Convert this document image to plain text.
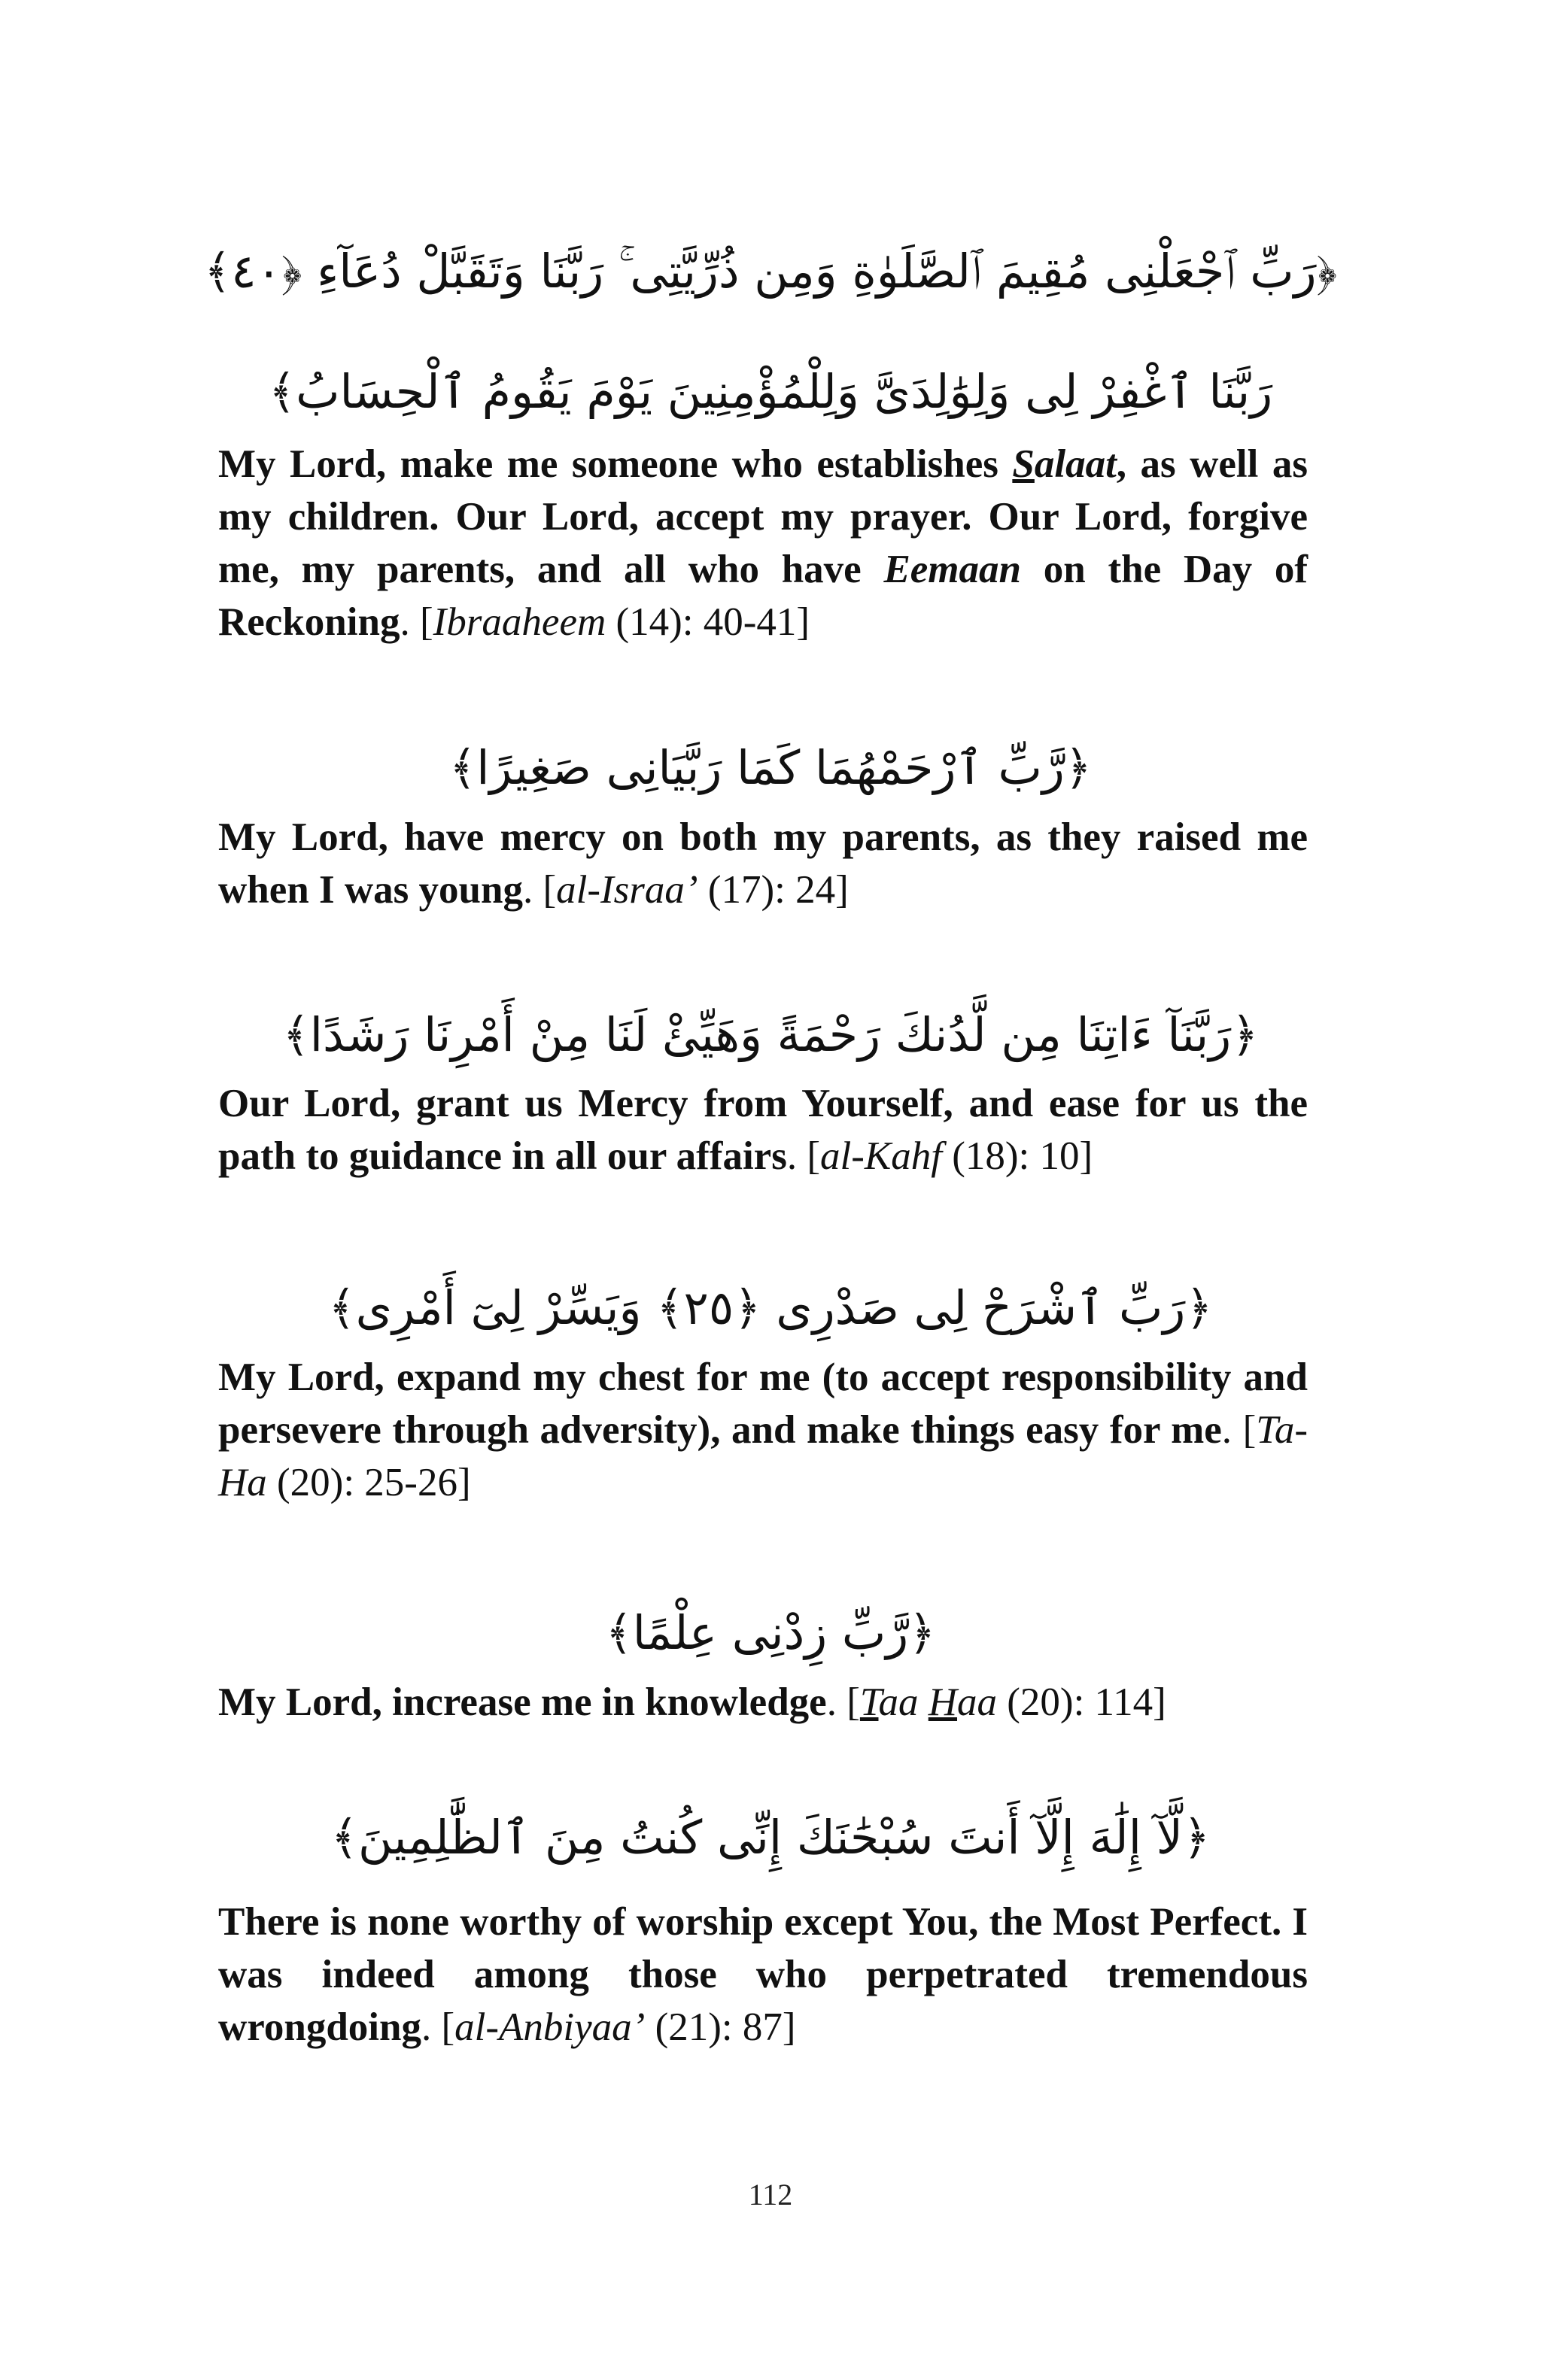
﴿رَبِّ ٱجْعَلْنِى مُقِيمَ ٱلصَّلَوٰةِ وَمِن ذُرِّيَّتِى ۚ رَبَّنَا وَتَقَبَّلْ دُعَآءِ ﴿٤٠﴾
رَبَّنَا ٱغْفِرْ لِى وَلِوَٰلِدَىَّ وَلِلْمُؤْمِنِينَ يَوْمَ يَقُومُ ٱلْحِسَابُ﴾

My Lord, make me someone who establishes Salaat, as well as my children. Our Lord, accept my prayer. Our Lord, forgive me, my parents, and all who have Eemaan on the Day of Reckoning. [Ibraaheem (14): 40-41]

﴿رَّبِّ ٱرْحَمْهُمَا كَمَا رَبَّيَانِى صَغِيرًا﴾

My Lord, have mercy on both my parents, as they raised me when I was young. [al-Israa’ (17): 24]

﴿رَبَّنَآ ءَاتِنَا مِن لَّدُنكَ رَحْمَةً وَهَيِّئْ لَنَا مِنْ أَمْرِنَا رَشَدًا﴾

Our Lord, grant us Mercy from Yourself, and ease for us the path to guidance in all our affairs. [al-Kahf (18): 10]

﴿رَبِّ ٱشْرَحْ لِى صَدْرِى ﴿٢٥﴾ وَيَسِّرْ لِىٓ أَمْرِى﴾

My Lord, expand my chest for me (to accept responsibility and persevere through adversity), and make things easy for me. [Ta-Ha (20): 25-26]

﴿رَّبِّ زِدْنِى عِلْمًا﴾

My Lord, increase me in knowledge. [Taa Haa (20): 114]

﴿لَّآ إِلَٰهَ إِلَّآ أَنتَ سُبْحَٰنَكَ إِنِّى كُنتُ مِنَ ٱلظَّٰلِمِينَ﴾

There is none worthy of worship except You, the Most Perfect. I was indeed among those who perpetrated tremendous wrongdoing. [al-Anbiyaa’ (21): 87]

112
